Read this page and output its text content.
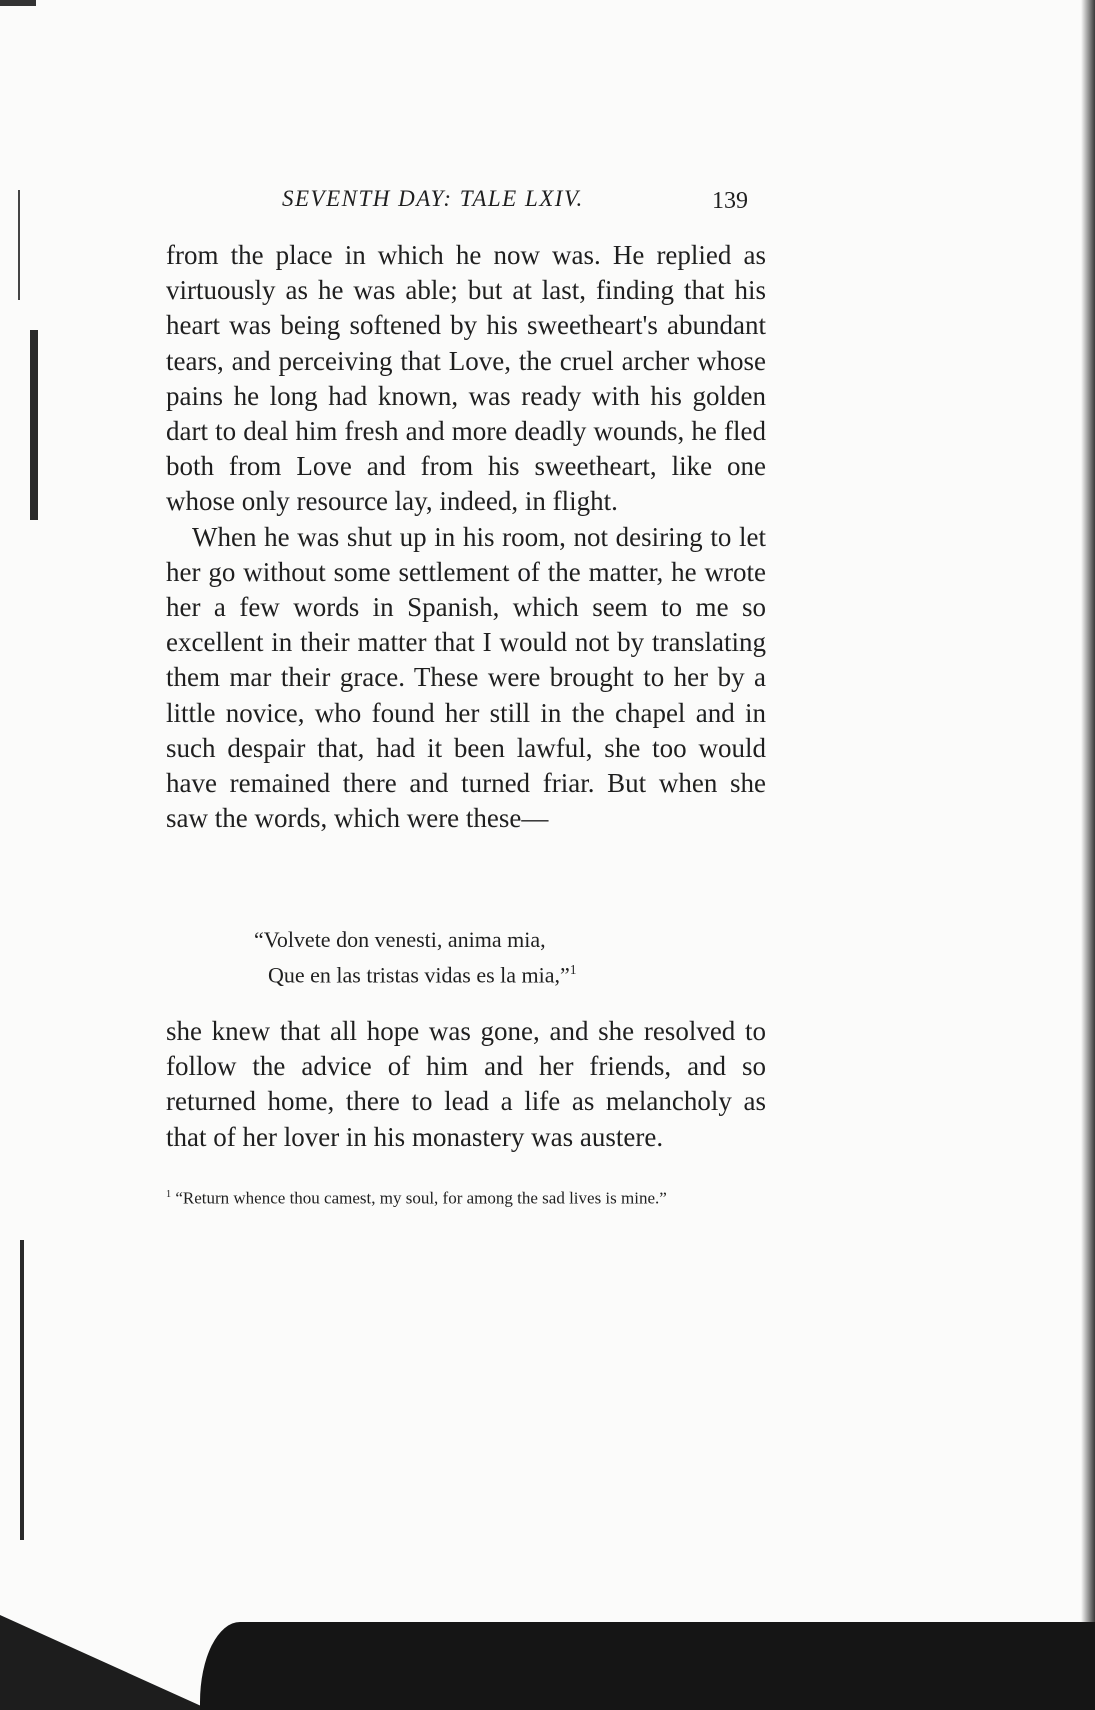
SEVENTH DAY: TALE LXIV.	139

from the place in which he now was. He replied as virtuously as he was able; but at last, finding that his heart was being softened by his sweetheart's abundant tears, and perceiving that Love, the cruel archer whose pains he long had known, was ready with his golden dart to deal him fresh and more deadly wounds, he fled both from Love and from his sweetheart, like one whose only resource lay, indeed, in flight.

When he was shut up in his room, not desiring to let her go without some settlement of the matter, he wrote her a few words in Spanish, which seem to me so excellent in their matter that I would not by translating them mar their grace. These were brought to her by a little novice, who found her still in the chapel and in such despair that, had it been lawful, she too would have remained there and turned friar. But when she saw the words, which were these—

“Volvete don venesti, anima mia,
Que en las tristas vidas es la mia,”$^1$

she knew that all hope was gone, and she resolved to follow the advice of him and her friends, and so returned home, there to lead a life as melancholy as that of her lover in his monastery was austere.

$^1$ “Return whence thou camest, my soul, for among the sad lives is mine.”
